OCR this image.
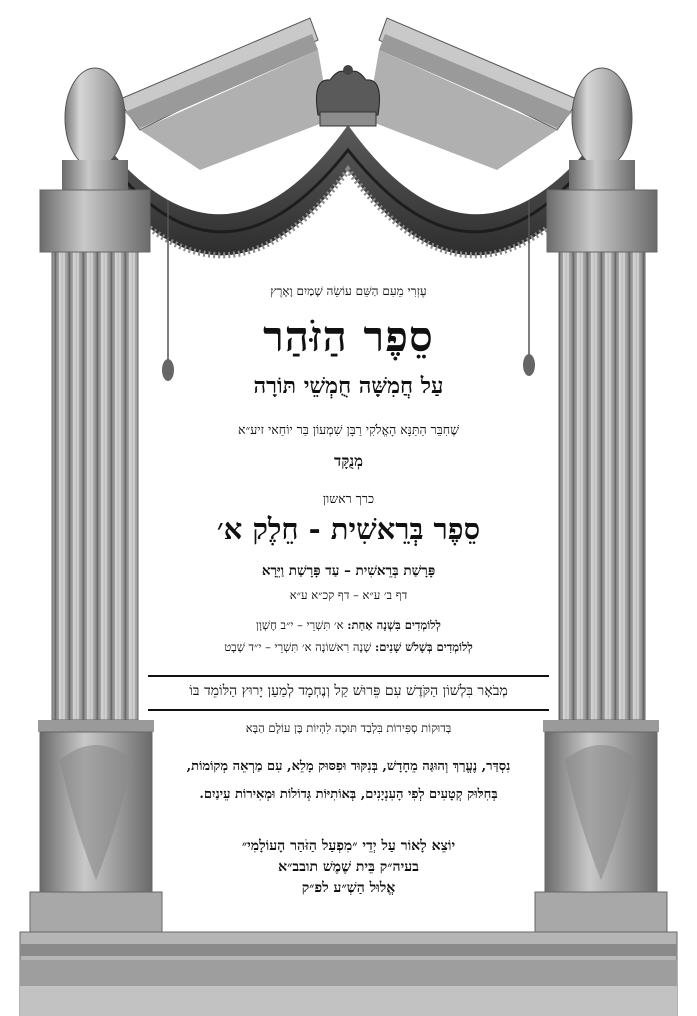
עֶזְרִי מֵעִם הַשֵּׁם עוֹשֵׂה שָׁמַיִם וָאָרֶץ
סֵפֶר הַזֹּהַר
עַל חֲמִשָּׁה חֻמְשֵׁי תּוֹרָה
שֶׁחִבֵּר הַתַּנָּא הָאֱלֹקִי רַבָּן שִׁמְעוֹן בַּר יוֹחַאי זיע״א
מְנֻקָּד
כרך ראשון
סֵפֶר בְּרֵאשִׁית - חֵלֶק א׳
פָּרָשַׁת בְּרֵאשִׁית – עַד פָּרָשַׁת וַיֵּרָא
דף ב׳ ע״א – דף קכ״א ע״א
לְלוֹמְדִים בִּשְׁנָה אַחַת: א׳ תִּשְׁרֵי – י״ב חֶשְׁוָן
לְלוֹמְדִים בְּשָׁלֹשׁ שָׁנִים: שָׁנָה רִאשׁוֹנָה א׳ תִּשְׁרֵי – י״ד שְׁבָט
מְבֹאָר בִּלְשׁוֹן הַקֹּדֶשׁ עִם פֵּרוּשׁ קַל וְנֶחְמָד לְמַעַן יָרוּץ הַלּוֹמֵד בּוֹ
בְּדוּקוֹת סְפִּירוֹת בִּלְבַד תּוּכָה לִהְיוֹת בֶּן עוֹלָם הַבָּא
נִסְדַּר, נֶעֱרַךְ וְהוּגַּה מֵחָדָשׁ, בְּנִקּוּד וּפִסּוּק מָלֵא, עִם מַרְאֵה מְקוֹמוֹת,
בְּחִלּוּק קְטָעִים לְפִי הָעִנְיָנִים, בְּאוֹתִיּוֹת גְּדוֹלוֹת וּמְאִירוֹת עֵינַיִם.
יוֹצֵא לָאוֹר עַל יְדֵי ״מִפְעַל הַזֹּהַר הָעוֹלָמִי״
בעיה״ק בֵּית שֶׁמֶשׁ תובב״א
אֱלוּל הַשְׁ״ע לפ״ק
